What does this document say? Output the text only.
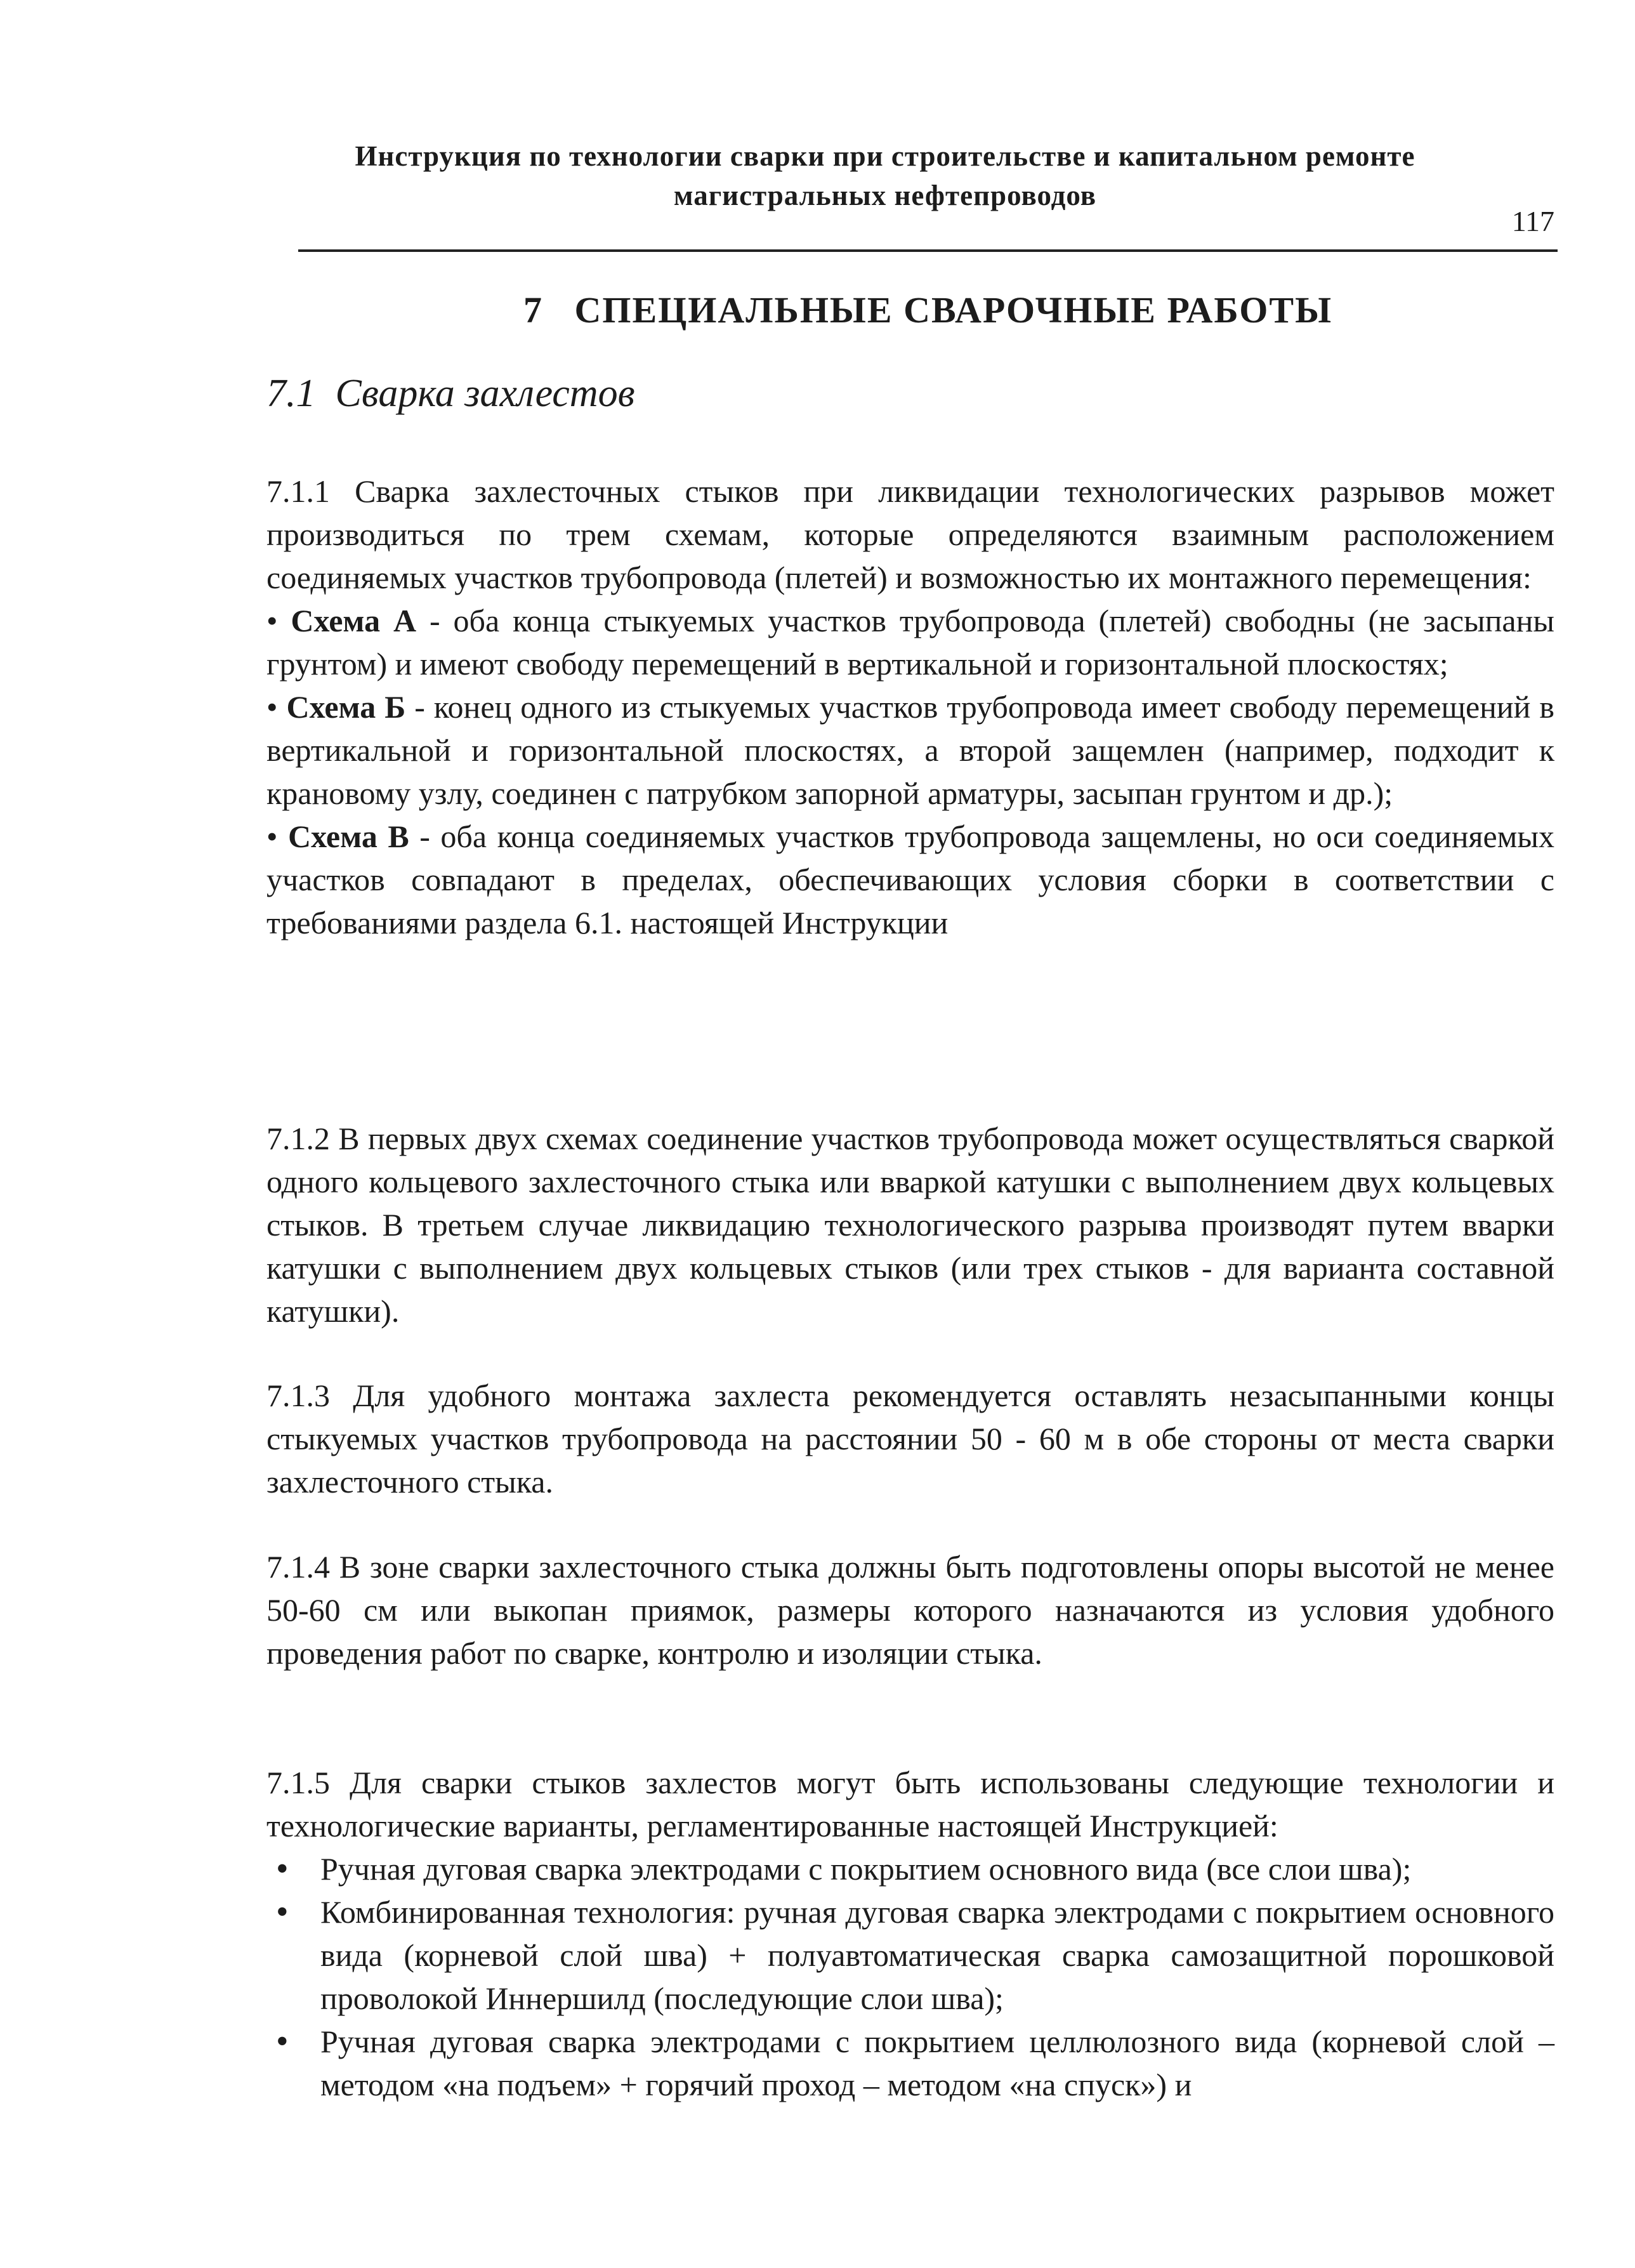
Инструкция по технологии сварки при строительстве и капитальном ремонте
магистральных нефтепроводов
117
7 СПЕЦИАЛЬНЫЕ СВАРОЧНЫЕ РАБОТЫ
7.1 Сварка захлестов

7.1.1 Сварка захлесточных стыков при ликвидации технологических разрывов может производиться по трем схемам, которые определяются взаимным расположением соединяемых участков трубопровода (плетей) и возможностью их монтажного перемещения:

• Схема А - оба конца стыкуемых участков трубопровода (плетей) свободны (не засыпаны грунтом) и имеют свободу перемещений в вертикальной и горизонтальной плоскостях;

• Схема Б - конец одного из стыкуемых участков трубопровода имеет свободу перемещений в вертикальной и горизонтальной плоскостях, а второй защемлен (например, подходит к крановому узлу, соединен с патрубком запорной арматуры, засыпан грунтом и др.);

• Схема В - оба конца соединяемых участков трубопровода защемлены, но оси соединяемых участков совпадают в пределах, обеспечивающих условия сборки в соответствии с требованиями раздела 6.1. настоящей Инструкции

7.1.2 В первых двух схемах соединение участков трубопровода может осуществляться сваркой одного кольцевого захлесточного стыка или вваркой катушки с выполнением двух кольцевых стыков. В третьем случае ликвидацию технологического разрыва производят путем вварки катушки с выполнением двух кольцевых стыков (или трех стыков - для варианта составной катушки).

7.1.3 Для удобного монтажа захлеста рекомендуется оставлять незасыпанными концы стыкуемых участков трубопровода на расстоянии 50 - 60 м в обе стороны от места сварки захлесточного стыка.

7.1.4 В зоне сварки захлесточного стыка должны быть подготовлены опоры высотой не менее 50-60 см или выкопан приямок, размеры которого назначаются из условия удобного проведения работ по сварке, контролю и изоляции стыка.

7.1.5 Для сварки стыков захлестов могут быть использованы следующие технологии и технологические варианты, регламентированные настоящей Инструкцией:

• Ручная дуговая сварка электродами с покрытием основного вида (все слои шва);
• Комбинированная технология: ручная дуговая сварка электродами с покрытием основного вида (корневой слой шва) + полуавтоматическая сварка самозащитной порошковой проволокой Иннершилд (последующие слои шва);
• Ручная дуговая сварка электродами с покрытием целлюлозного вида (корневой слой – методом «на подъем» + горячий проход – методом «на спуск») и
